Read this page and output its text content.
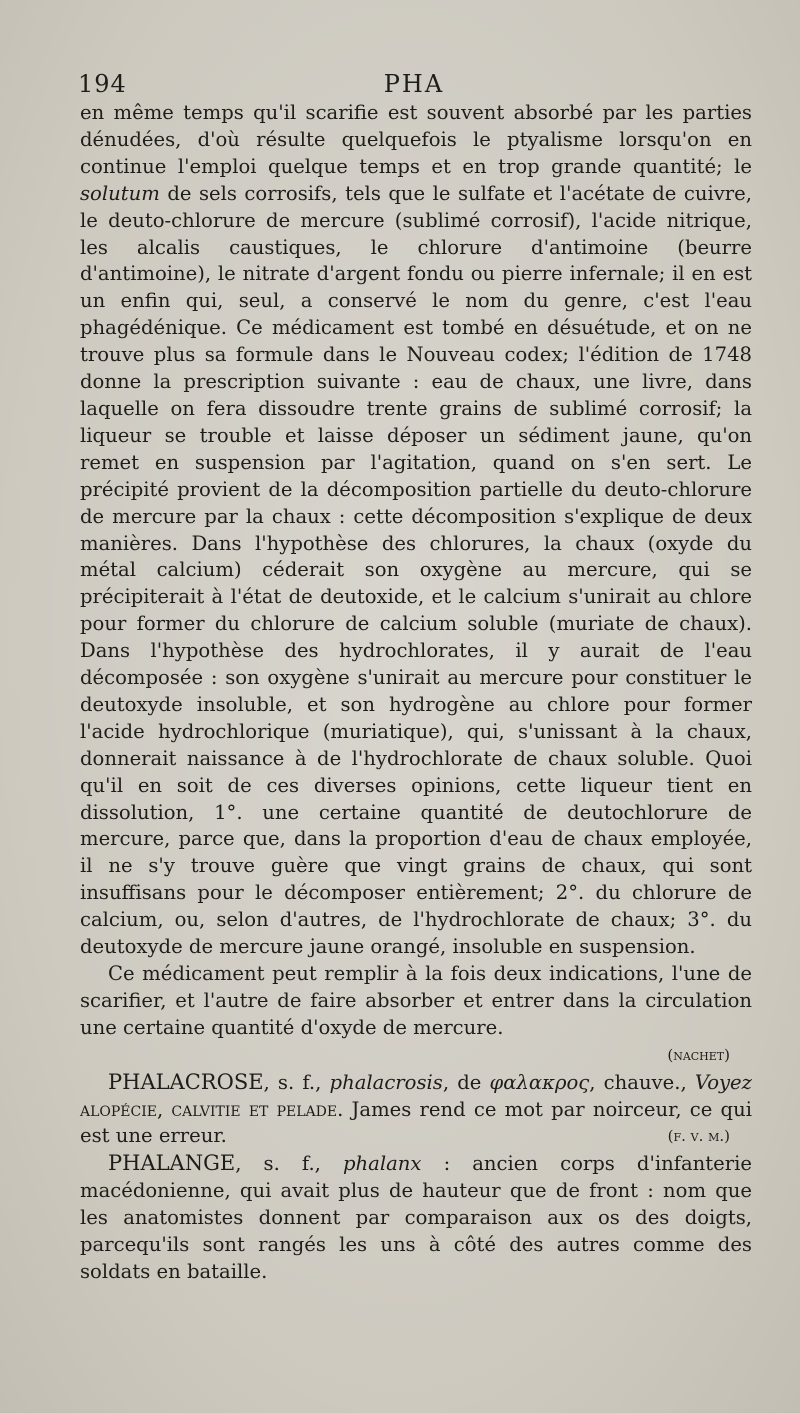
194	PHA

en même temps qu'il scarifie est souvent absorbé par les parties dénudées, d'où résulte quelquefois le ptyalisme lorsqu'on en continue l'emploi quelque temps et en trop grande quantité; le solutum de sels corrosifs, tels que le sulfate et l'acétate de cuivre, le deuto-chlorure de mercure (sublimé corrosif), l'acide nitrique, les alcalis caustiques, le chlorure d'antimoine (beurre d'antimoine), le nitrate d'argent fondu ou pierre infernale; il en est un enfin qui, seul, a conservé le nom du genre, c'est l'eau phagédénique. Ce médicament est tombé en désuétude, et on ne trouve plus sa formule dans le Nouveau codex; l'édition de 1748 donne la prescription suivante : eau de chaux, une livre, dans laquelle on fera dissoudre trente grains de sublimé corrosif; la liqueur se trouble et laisse déposer un sédiment jaune, qu'on remet en suspension par l'agitation, quand on s'en sert. Le précipité provient de la décomposition partielle du deuto-chlorure de mercure par la chaux : cette décomposition s'explique de deux manières. Dans l'hypothèse des chlorures, la chaux (oxyde du métal calcium) céderait son oxygène au mercure, qui se précipiterait à l'état de deutoxide, et le calcium s'unirait au chlore pour former du chlorure de calcium soluble (muriate de chaux). Dans l'hypothèse des hydrochlorates, il y aurait de l'eau décomposée : son oxygène s'unirait au mercure pour constituer le deutoxyde insoluble, et son hydrogène au chlore pour former l'acide hydrochlorique (muriatique), qui, s'unissant à la chaux, donnerait naissance à de l'hydrochlorate de chaux soluble. Quoi qu'il en soit de ces diverses opinions, cette liqueur tient en dissolution, 1°. une certaine quantité de deutochlorure de mercure, parce que, dans la proportion d'eau de chaux employée, il ne s'y trouve guère que vingt grains de chaux, qui sont insuffisans pour le décomposer entièrement; 2°. du chlorure de calcium, ou, selon d'autres, de l'hydrochlorate de chaux; 3°. du deutoxyde de mercure jaune orangé, insoluble en suspension.

Ce médicament peut remplir à la fois deux indications, l'une de scarifier, et l'autre de faire absorber et entrer dans la circulation une certaine quantité d'oxyde de mercure.

(nachet)

PHALACROSE, s. f., phalacrosis, de φαλακρος, chauve., Voyez alopécie, calvitie et pelade. James rend ce mot par noirceur, ce qui est une erreur.	(f. v. m.)

PHALANGE, s. f., phalanx : ancien corps d'infanterie macédonienne, qui avait plus de hauteur que de front : nom que les anatomistes donnent par comparaison aux os des doigts, parcequ'ils sont rangés les uns à côté des autres comme des soldats en bataille.
